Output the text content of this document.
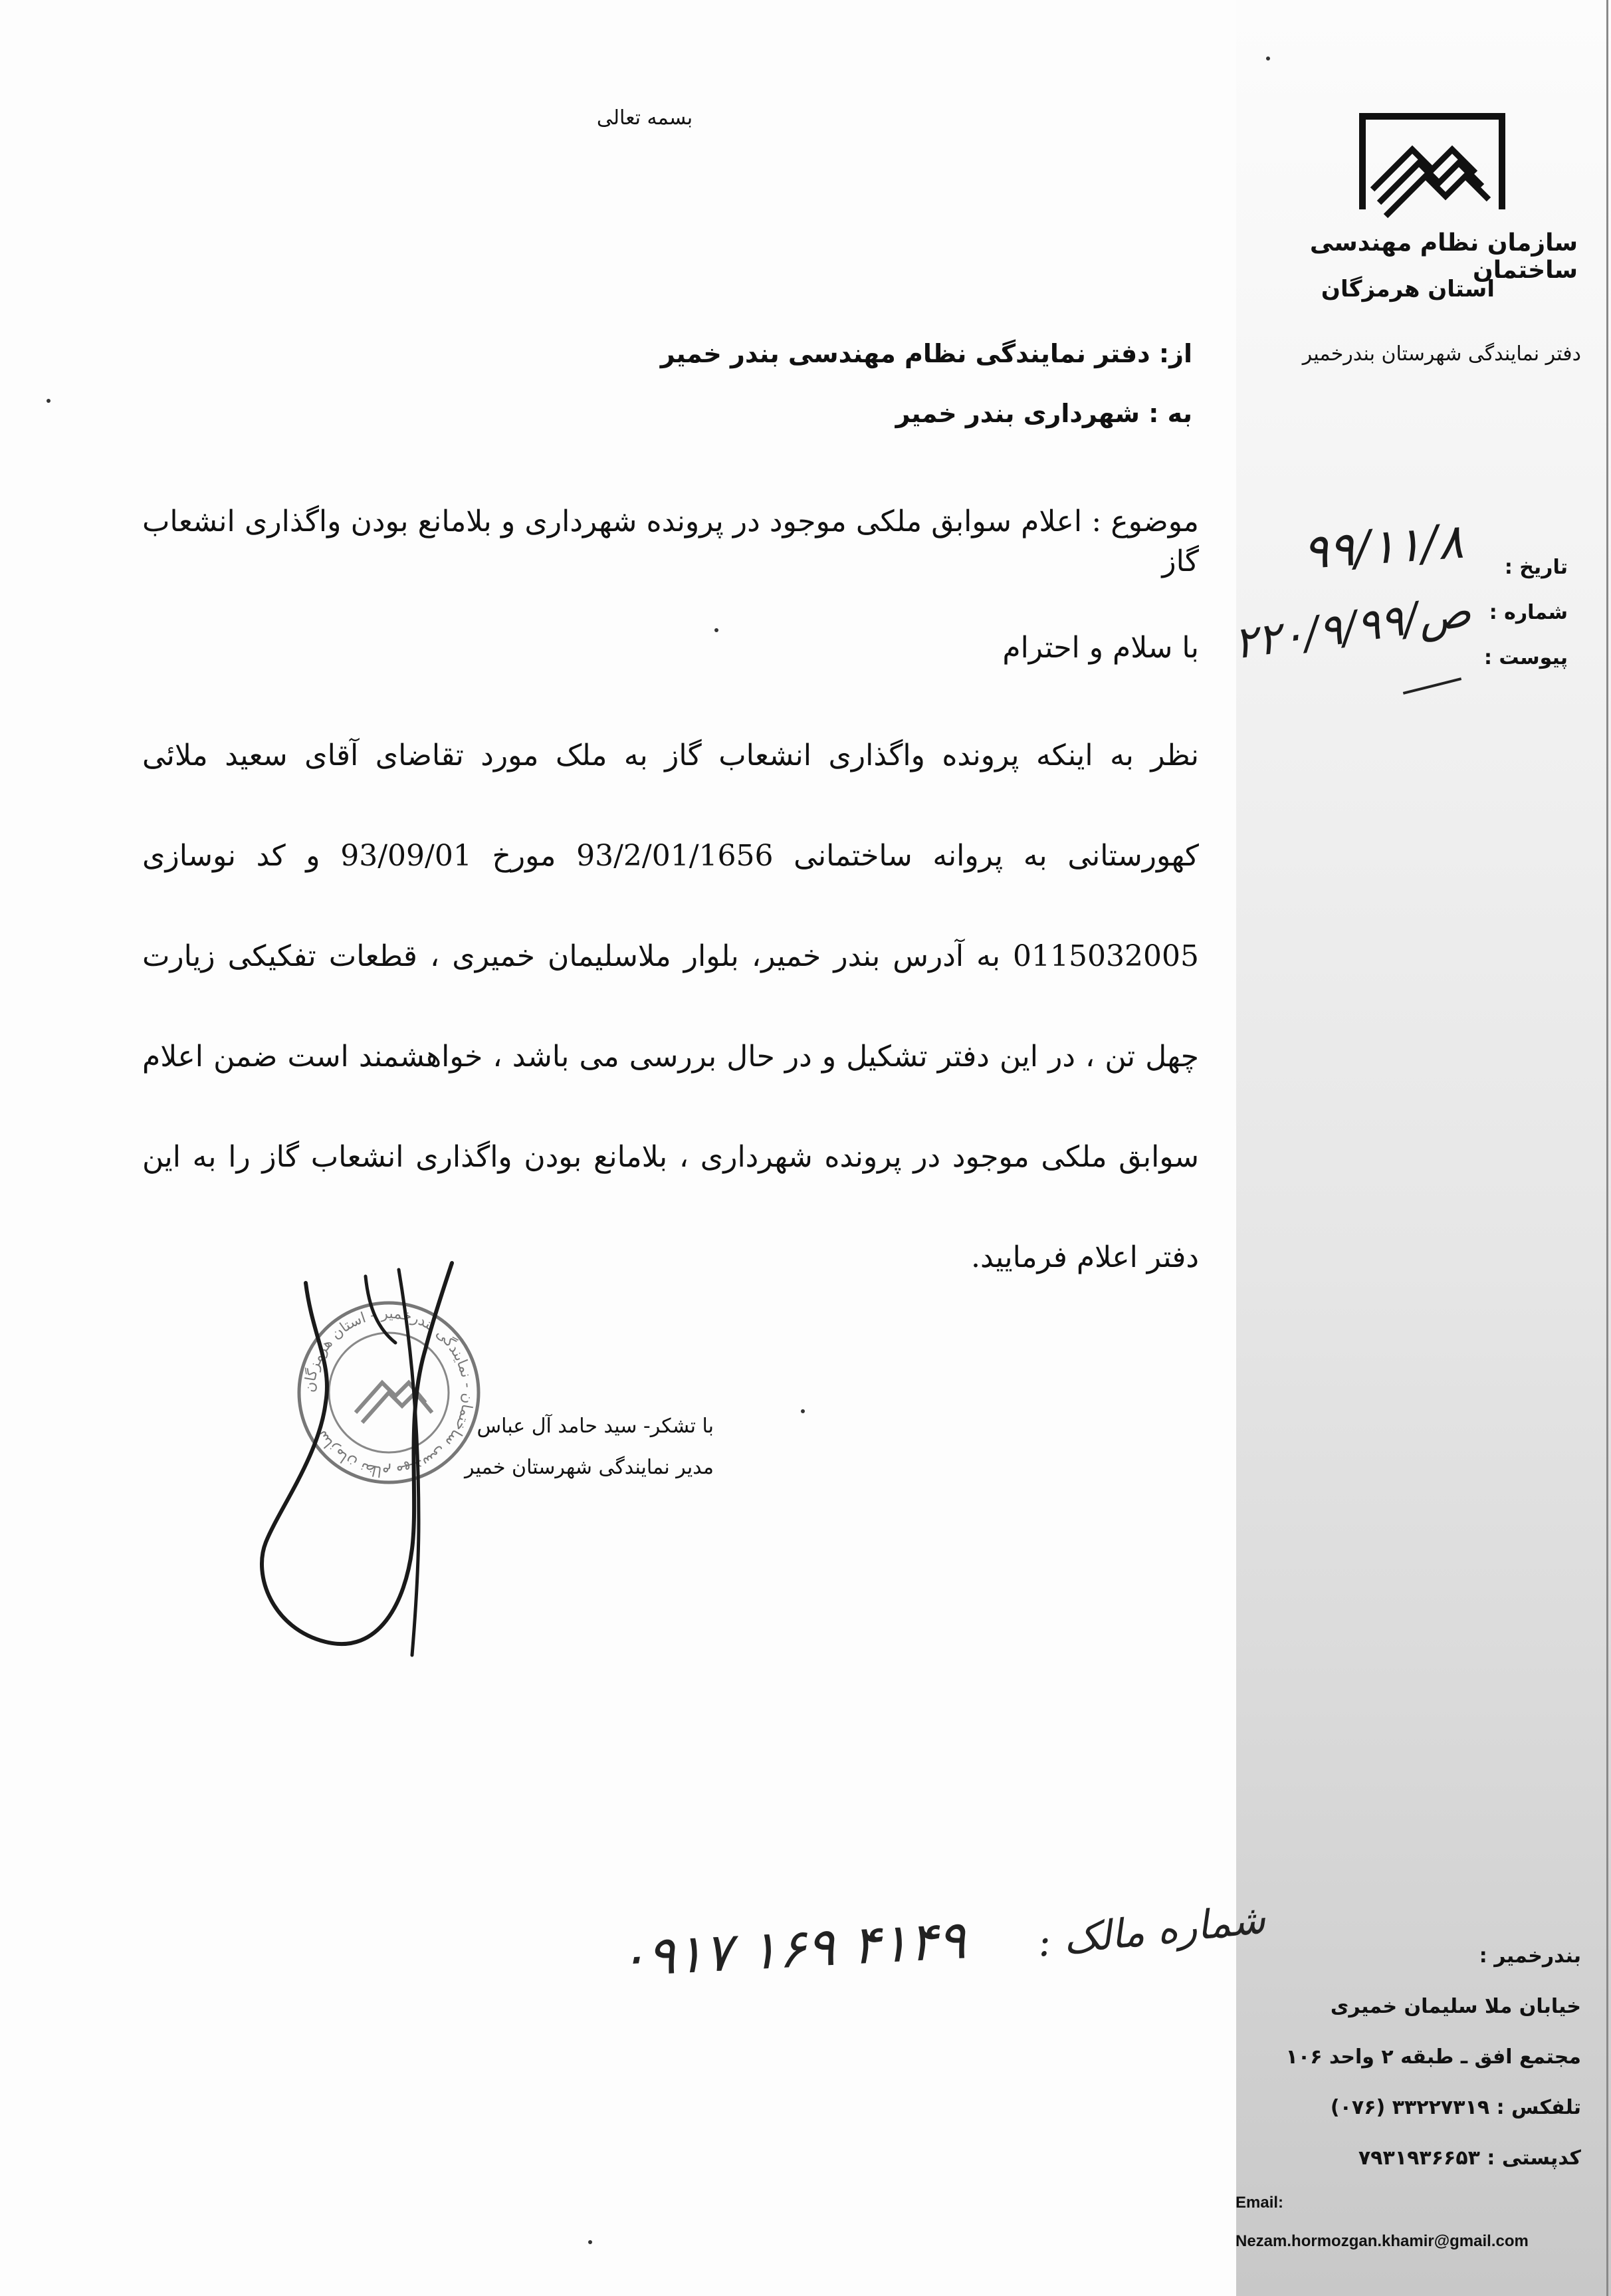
سازمان نظام مهندسی ساختمان
استان هرمزگان
دفتر نمایندگی شهرستان بندرخمیر
بسمه تعالی
تاریخ :
شماره :
پیوست :
۹۹/۱۱/۸
۲۲۰/۹/۹۹/ص
از: دفتر نمایندگی نظام مهندسی بندر خمیر
به : شهرداری بندر خمیر

موضوع : اعلام سوابق ملکی موجود در پرونده شهرداری و بلامانع بودن واگذاری انشعاب گاز

با سلام و احترام

نظر به اینکه پرونده واگذاری انشعاب گاز به ملک مورد تقاضای آقای سعید ملائی کهورستانی به پروانه ساختمانی 93/2/01/1656 مورخ 93/09/01 و کد نوسازی 0115032005 به آدرس بندر خمیر، بلوار ملاسلیمان خمیری ، قطعات تفکیکی زیارت چهل تن ، در این دفتر تشکیل و در حال بررسی می باشد ، خواهشمند است ضمن اعلام سوابق ملکی موجود در پرونده شهرداری ، بلامانع بودن واگذاری انشعاب گاز را به این دفتر اعلام فرمایید.

سازمان نظام مهندسی ساختمان - نمایندگی بندرخمیر - استان هرمزگان	با تشکر- سید حامد آل عباس
مدیر نمایندگی شهرستان خمیر
شماره مالک :
۰۹۱۷ ۱۶۹ ۴۱۴۹	بندرخمیر :
خیابان ملا سلیمان خمیری
مجتمع افق ـ طبقه ۲ واحد ۱۰۶
تلفکس : ۳۳۲۲۷۳۱۹ (۰۷۶)
کدپستی : ۷۹۳۱۹۳۶۶۵۳
Email:
Nezam.hormozgan.khamir@gmail.com
